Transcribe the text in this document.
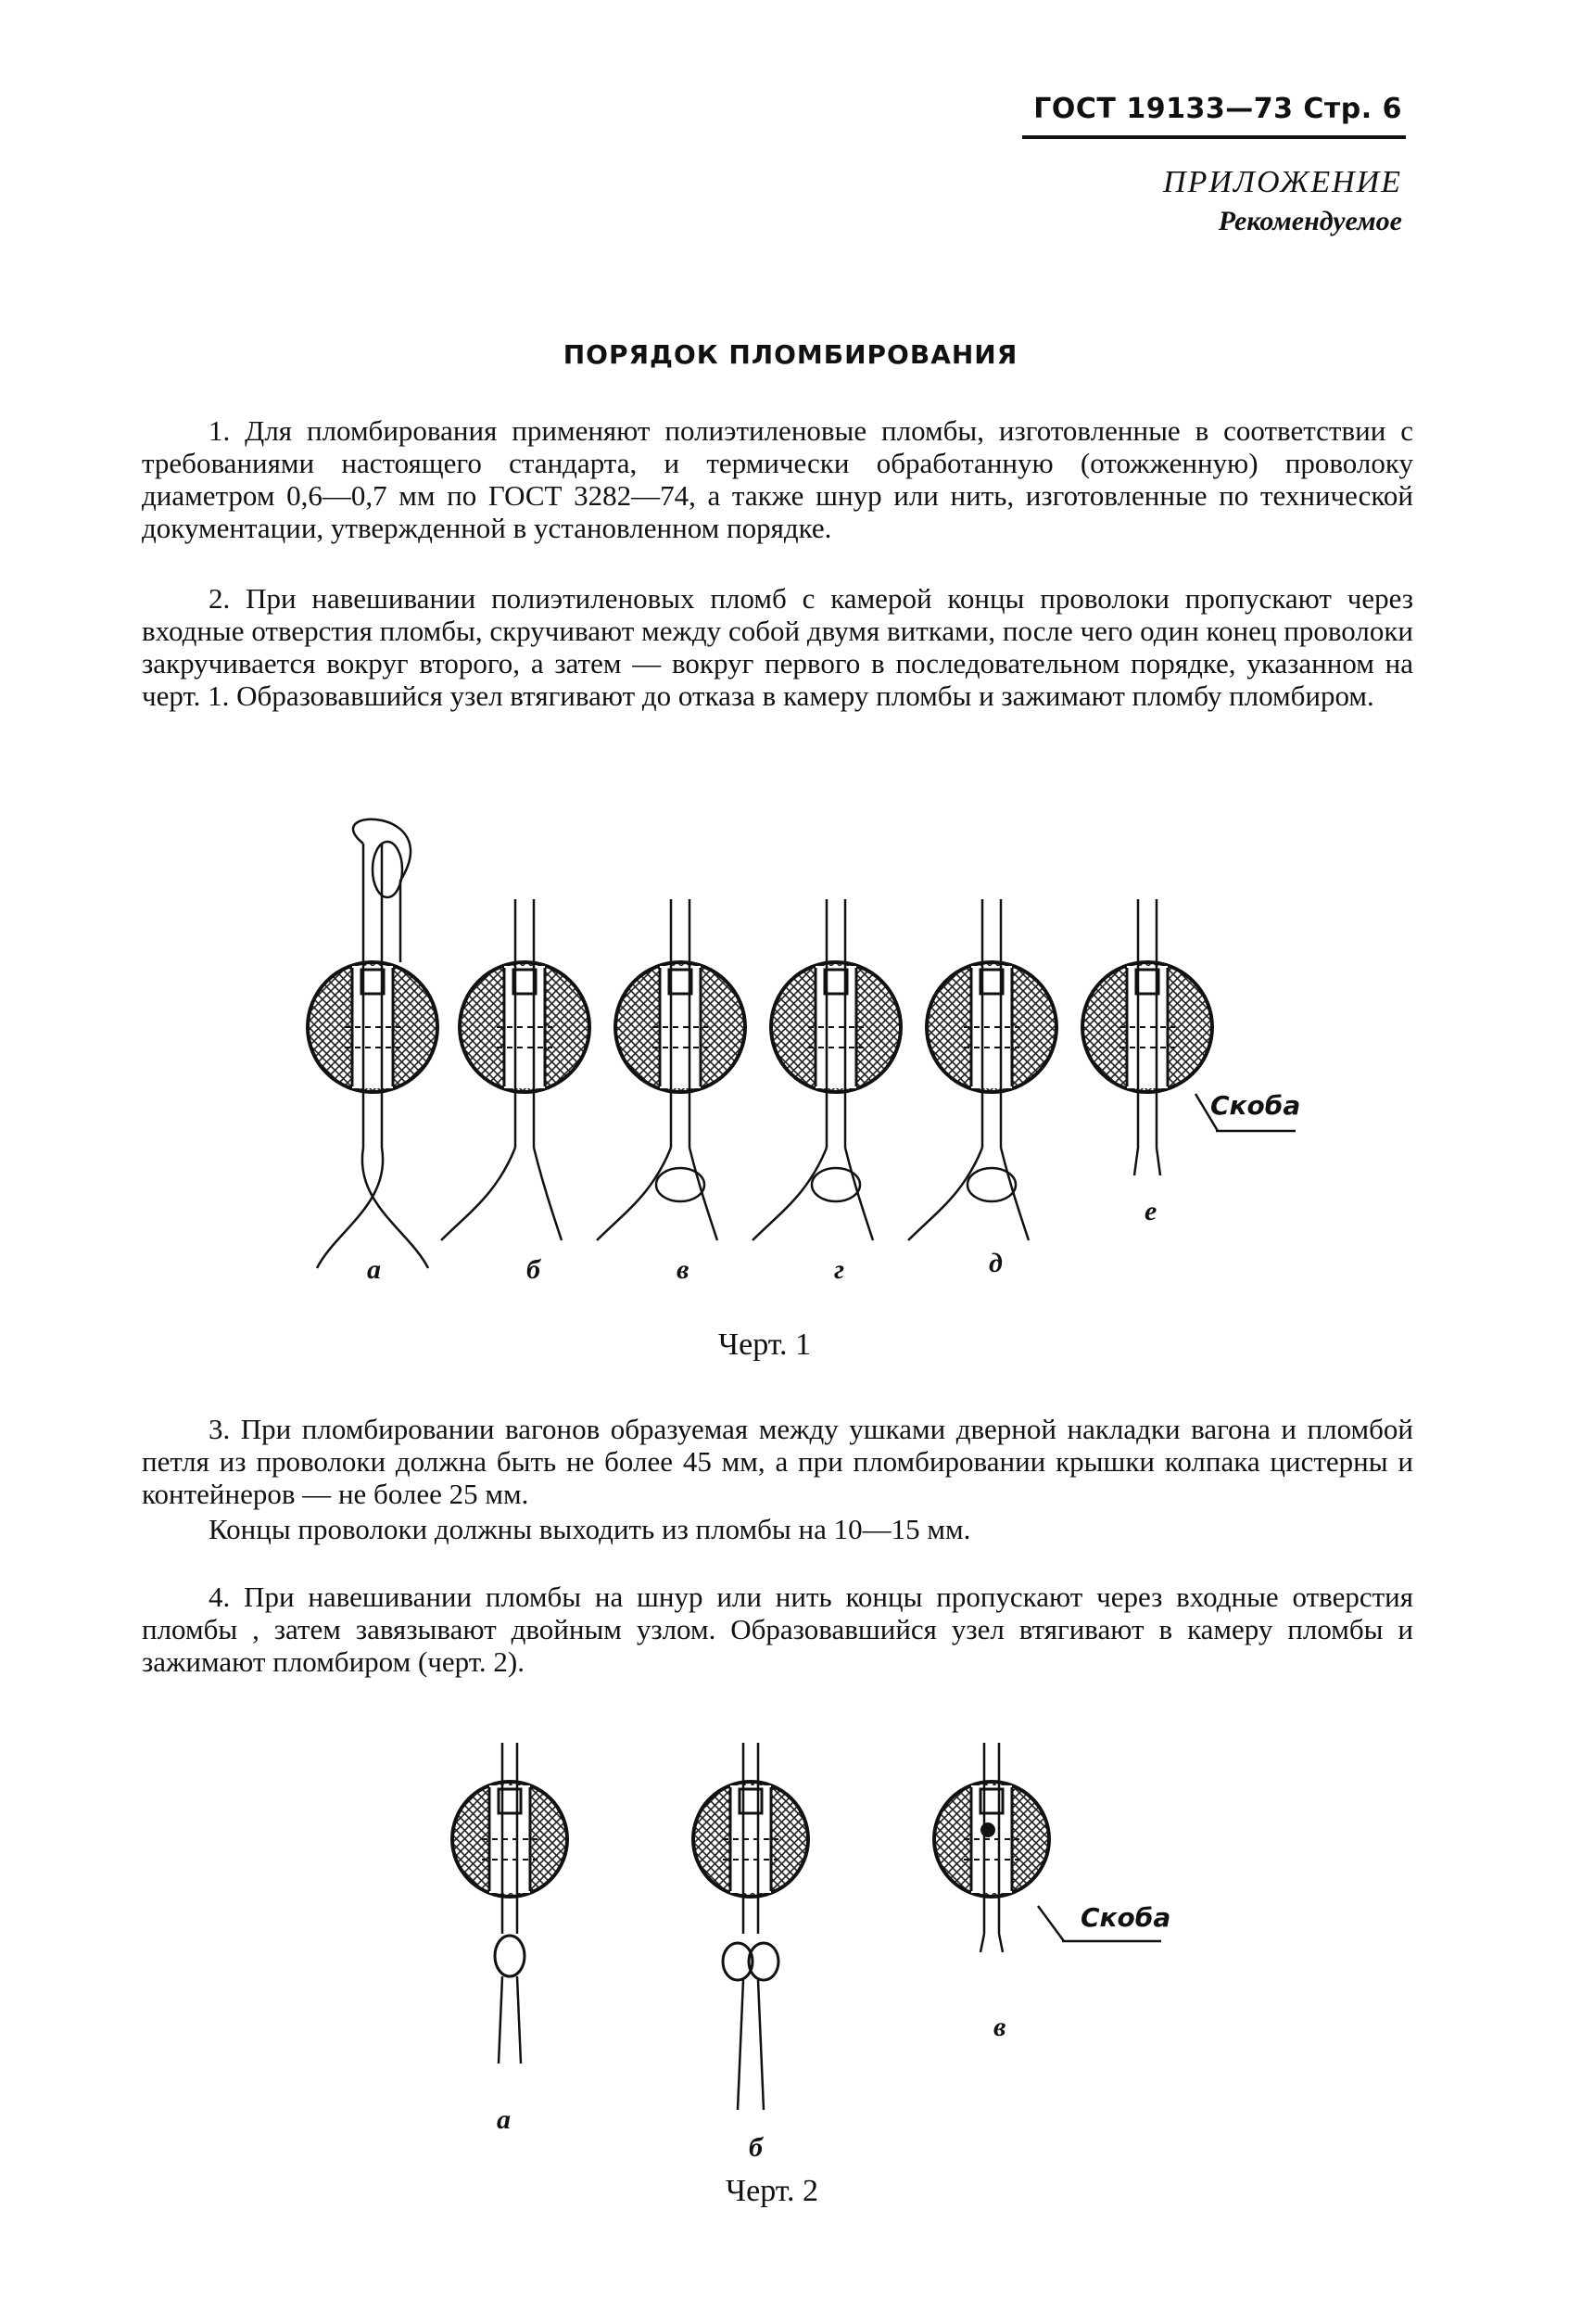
ГОСТ 19133—73 Стр. 6
ПРИЛОЖЕНИЕ
Рекомендуемое
ПОРЯДОК ПЛОМБИРОВАНИЯ

1. Для пломбирования применяют полиэтиленовые пломбы, изготовленные в соответствии с требованиями настоящего стандарта, и термически обработанную (отожженную) проволоку диаметром 0,6—0,7 мм по ГОСТ 3282—74, а также шнур или нить, изготовленные по технической документации, утвержденной в установленном порядке.

2. При навешивании полиэтиленовых пломб с камерой концы проволоки пропускают через входные отверстия пломбы, скручивают между собой двумя витками, после чего один конец проволоки закручивается вокруг второго, а затем — вокруг первого в последовательном порядке, указанном на черт. 1. Образовавшийся узел втягивают до отказа в камеру пломбы и зажимают пломбу пломбиром.

Скоба
а	б	в	г	д
е
Черт. 1

3. При пломбировании вагонов образуемая между ушками дверной накладки вагона и пломбой петля из проволоки должна быть не более 45 мм, а при пломбировании крышки колпака цистерны и контейнеров — не более 25 мм.

Концы проволоки должны выходить из пломбы на 10—15 мм.

4. При навешивании пломбы на шнур или нить концы пропускают через входные отверстия пломбы , затем завязывают двойным узлом. Образовавшийся узел втягивают в камеру пломбы и зажимают пломбиром (черт. 2).

Скоба
а
б
в
Черт. 2
